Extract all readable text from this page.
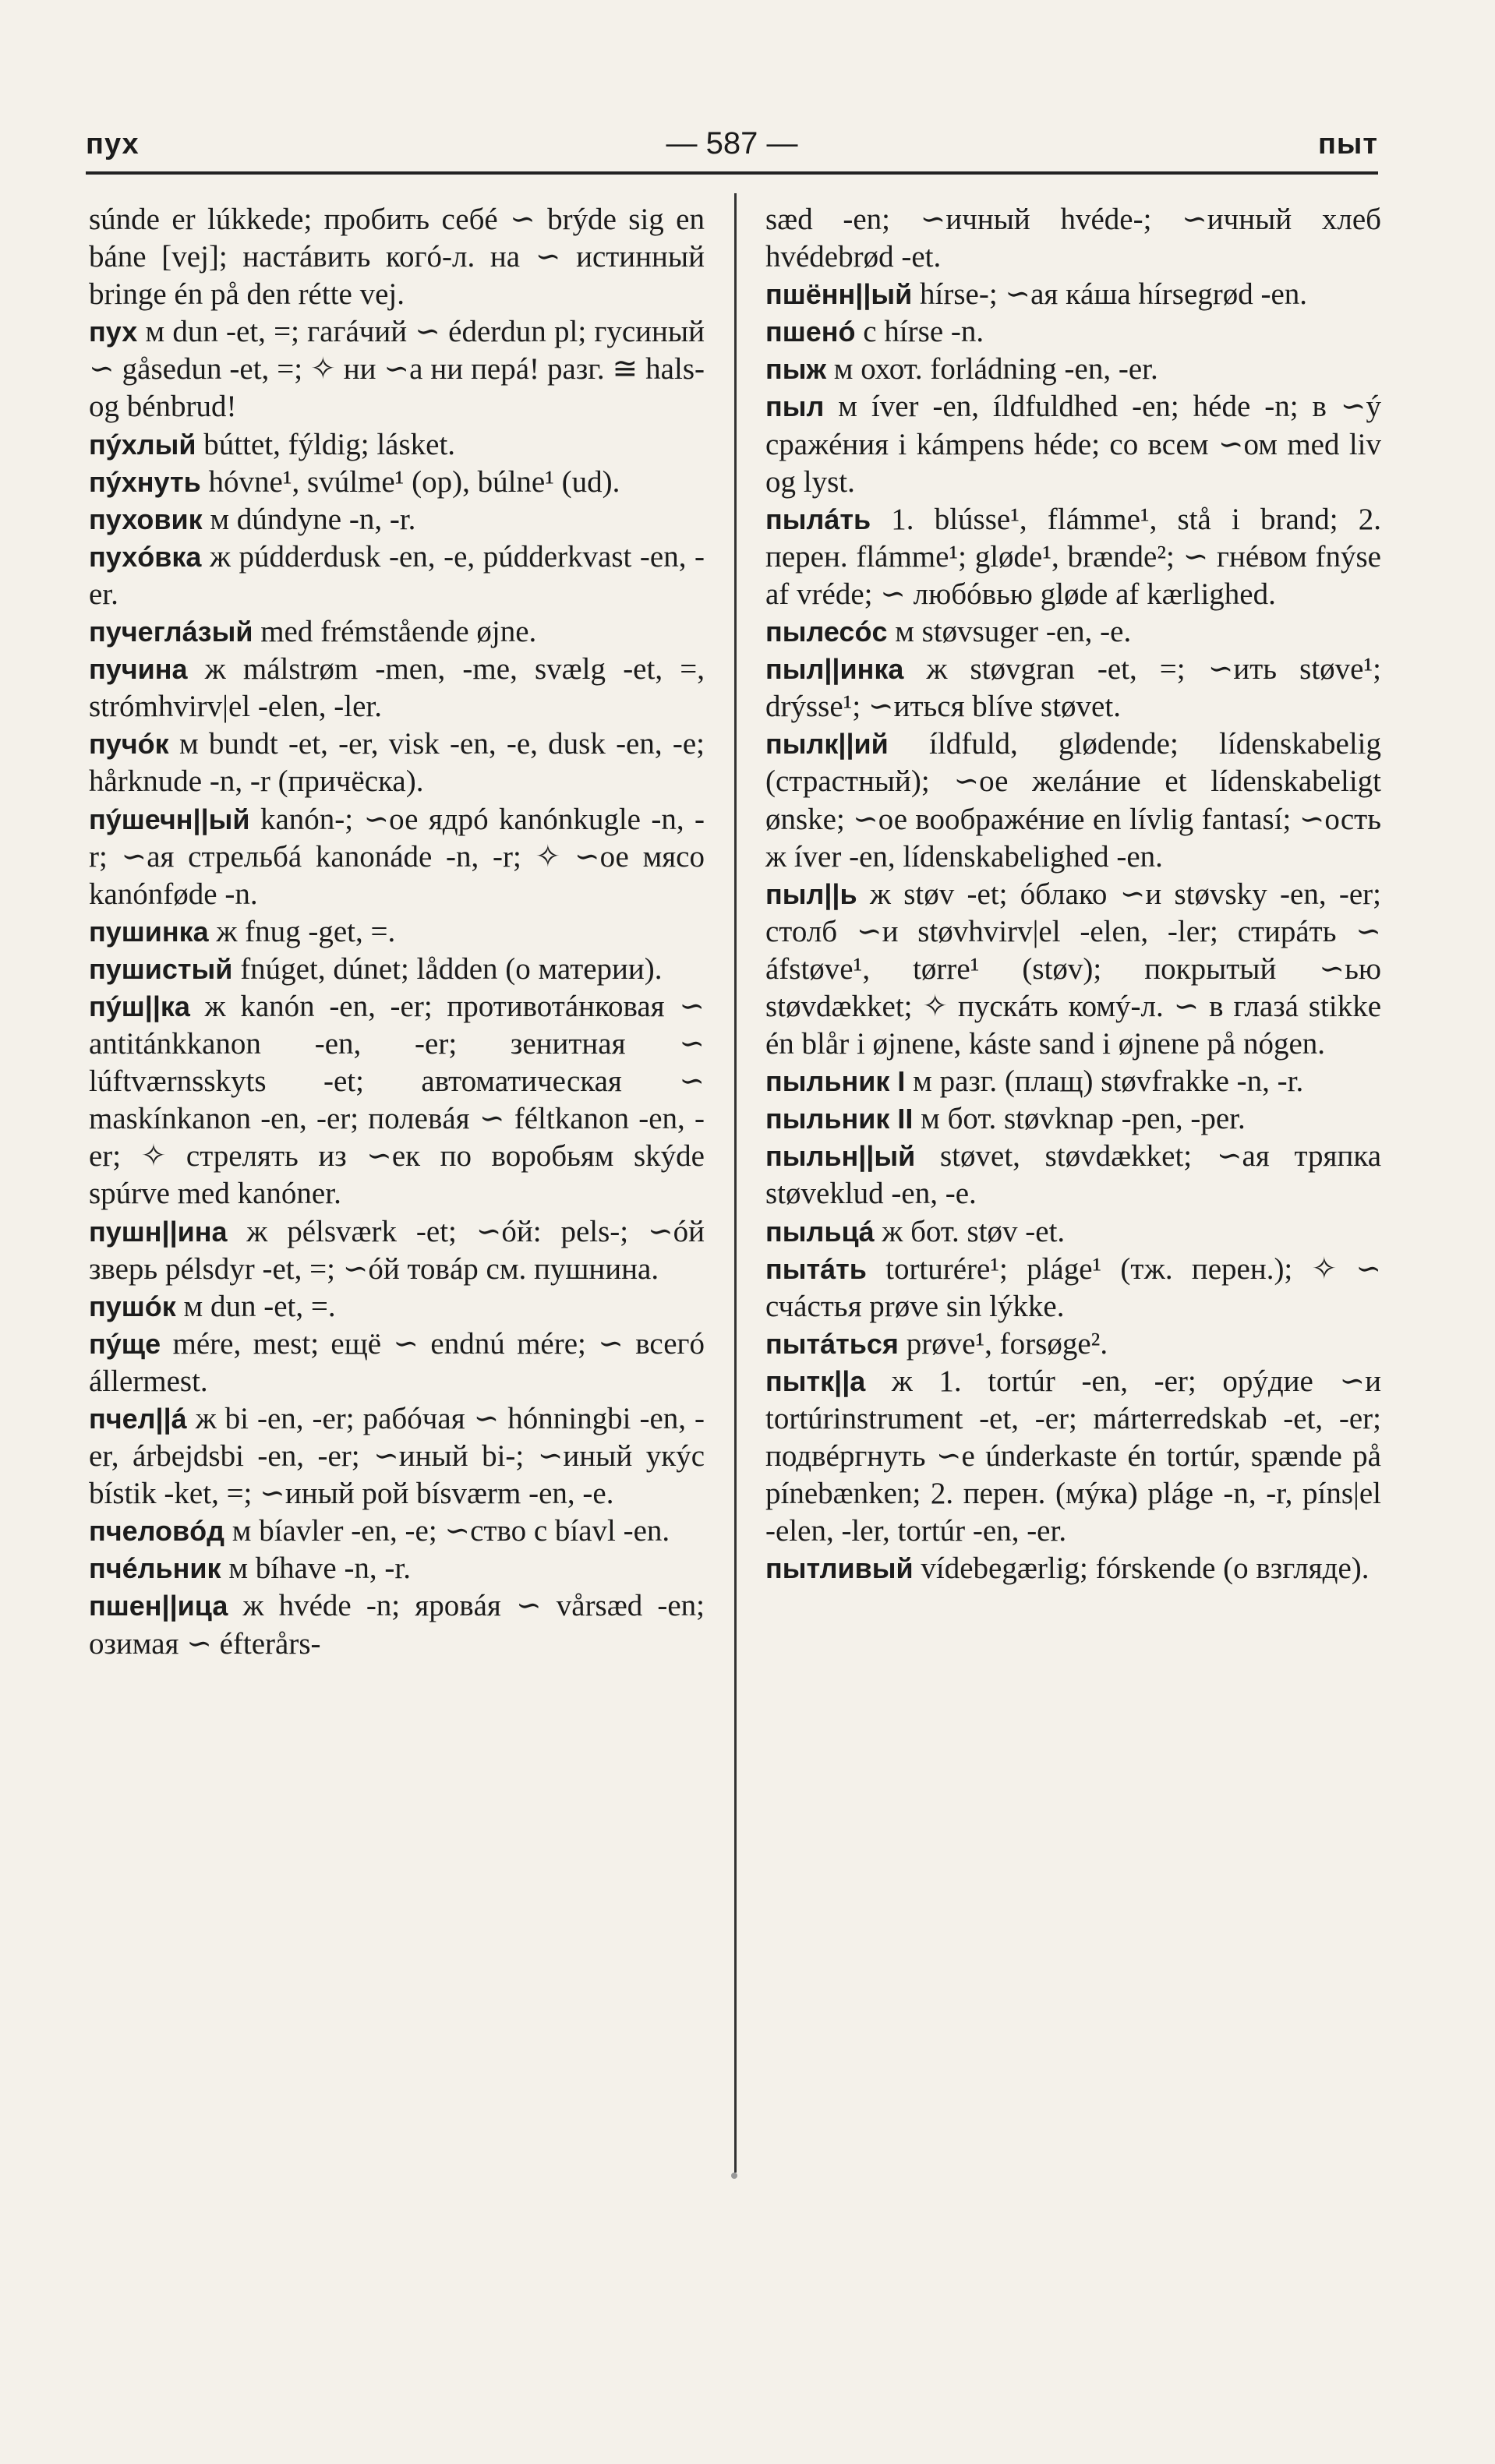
пух	— 587 —	пыт

súnde er lúkkede; пробить себé ∽ brýde sig en báne [vej]; настáвить когó-л. на ∽ истинный bringe én på den rétte vej.

пух м dun -et, =; гагáчий ∽ éderdun pl; гусиный ∽ gåsedun -et, =; ✧ ни ∽а ни перá! разг. ≅ hals- og bénbrud!

пýхлый búttet, fýldig; lásket.

пýхнуть hóvne¹, svúlme¹ (op), búlne¹ (ud).

пуховик м dúndyne -n, -r.

пухóвка ж púdderdusk -en, -e, púdderkvast -en, -er.

пучеглáзый med frémstående øjne.

пучина ж málstrøm -men, -me, svælg -et, =, strómhvirv|el -elen, -ler.

пучóк м bundt -et, -er, visk -en, -e, dusk -en, -e; hårknude -n, -r (причёска).

пýшечн||ый kanón-; ∽ое ядрó kanónkugle -n, -r; ∽ая стрельбá kanonáde -n, -r; ✧ ∽ое мясо kanónføde -n.

пушинка ж fnug -get, =.

пушистый fnúget, dúnet; lådden (о материи).

пýш||ка ж kanón -en, -er; противотáнковая ∽ antitánkkanon -en, -er; зенитная ∽ lúftværnsskyts -et; автоматическая ∽ maskínkanon -en, -er; полевáя ∽ féltkanon -en, -er; ✧ стрелять из ∽ек по воробьям skýde spúrve med kanóner.

пушн||ина ж pélsværk -et; ∽óй: pels-; ∽óй зверь pélsdyr -et, =; ∽óй товáр см. пушнина.

пушóк м dun -et, =.

пýще mére, mest; ещё ∽ endnú mére; ∽ всегó állermest.

пчел||á ж bi -en, -er; рабóчая ∽ hónningbi -en, -er, árbejdsbi -en, -er; ∽иный bi-; ∽иный укýс bístik -ket, =; ∽иный рой bísværm -en, -e.

пчеловóд м bíavler -en, -e; ∽ство с bíavl -en.

пчéльник м bíhave -n, -r.

пшен||ица ж hvéde -n; ярoвáя ∽ vårsæd -en; озимая ∽ éfterårs-

sæd -en; ∽ичный hvéde-; ∽ичный хлеб hvédebrød -et.

пшённ||ый hírse-; ∽ая кáша hírsegrød -en.

пшенó с hírse -n.

пыж м охот. forládning -en, -er.

пыл м íver -en, íldfuldhed -en; héde -n; в ∽ý сражéния i kámpens héde; со всем ∽ом med liv og lyst.

пылáть 1. blússe¹, flámme¹, stå i brand; 2. перен. flámme¹; gløde¹, brænde²; ∽ гнéвом fnýse af vréde; ∽ любóвью gløde af kærlighed.

пылесóс м støvsuger -en, -e.

пыл||инка ж støvgran -et, =; ∽ить støve¹; drýsse¹; ∽иться blíve støvet.

пылк||ий íldfuld, glødende; lídenskabelig (страстный); ∽ое желáние et lídenskabeligt ønske; ∽ое воображéние en lívlig fantasí; ∽ость ж íver -en, lídenskabelighed -en.

пыл||ь ж støv -et; óблако ∽и støvsky -en, -er; столб ∽и støvhvirv|el -elen, -ler; стирáть ∽ áfstøve¹, tørre¹ (støv); покрытый ∽ью støvdækket; ✧ пускáть комý-л. ∽ в глазá stikke én blår i øjnene, káste sand i øjnene på nógen.

пыльник I м разг. (плащ) støvfrakke -n, -r.

пыльник II м бот. støvknap -pen, -per.

пыльн||ый støvet, støvdækket; ∽ая тряпка støveklud -en, -e.

пыльцá ж бот. støv -et.

пытáть torturére¹; pláge¹ (тж. перен.); ✧ ∽ счáстья prøve sin lýkke.

пытáться prøve¹, forsøge².

пытк||а ж 1. tortúr -en, -er; орýдие ∽и tortúrinstrument -et, -er; márterredskab -et, -er; подвéргнуть ∽е únderkaste én tortúr, spænde på pínebænken; 2. перен. (мýка) pláge -n, -r, píns|el -elen, -ler, tortúr -en, -er.

пытливый vídebegærlig; fórskende (о взгляде).
